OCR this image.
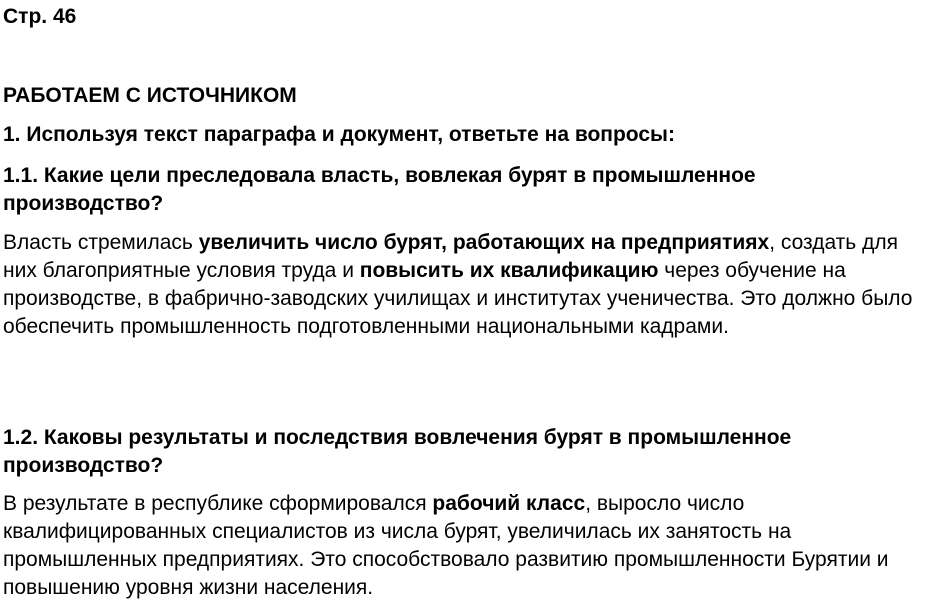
Стр. 46

РАБОТАЕМ С ИСТОЧНИКОМ

1. Используя текст параграфа и документ, ответьте на вопросы:

1.1. Какие цели преследовала власть, вовлекая бурят в промышленное производство?

Власть стремилась увеличить число бурят, работающих на предприятиях, создать для них благоприятные условия труда и повысить их квалификацию через обучение на производстве, в фабрично-заводских училищах и институтах ученичества. Это должно было обеспечить промышленность подготовленными национальными кадрами.

1.2. Каковы результаты и последствия вовлечения бурят в промышленное производство?

В результате в республике сформировался рабочий класс, выросло число квалифицированных специалистов из числа бурят, увеличилась их занятость на промышленных предприятиях. Это способствовало развитию промышленности Бурятии и повышению уровня жизни населения.
